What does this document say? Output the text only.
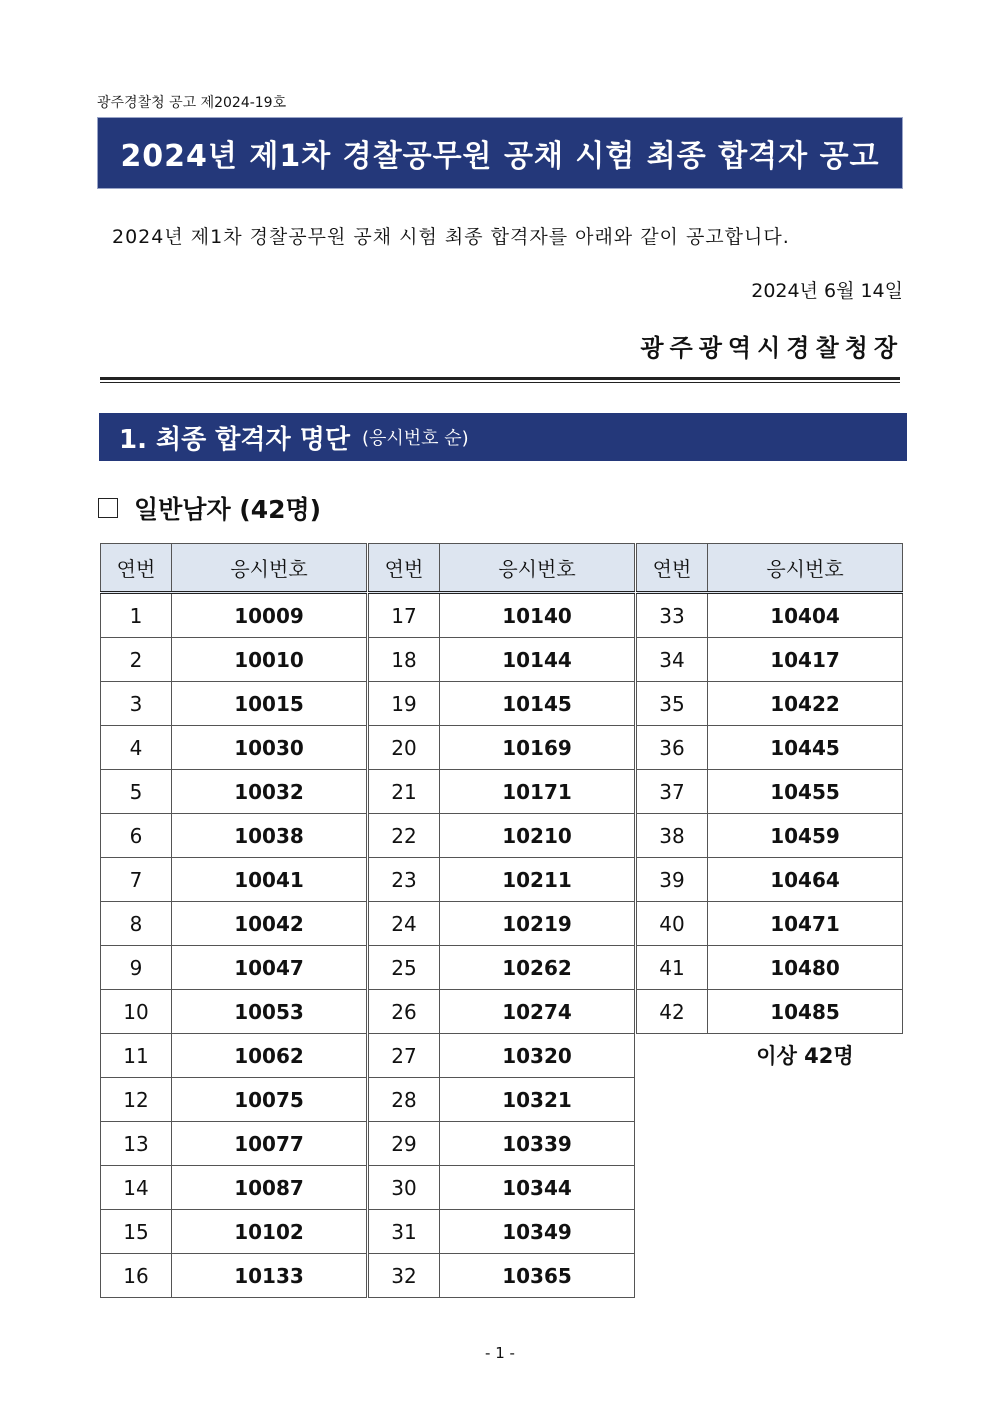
광주경찰청 공고 제2024-19호
2024년 제1차 경찰공무원 공채 시험 최종 합격자 공고
2024년 제1차 경찰공무원 공채 시험 최종 합격자를 아래와 같이 공고합니다.
2024년 6월 14일
광주광역시경찰청장
1. 최종 합격자 명단 (응시번호 순)
일반남자 (42명)
연번	응시번호
1	10009
2	10010
3	10015
4	10030
5	10032
6	10038
7	10041
8	10042
9	10047
10	10053
11	10062
12	10075
13	10077
14	10087
15	10102
16	10133
연번	응시번호
17	10140
18	10144
19	10145
20	10169
21	10171
22	10210
23	10211
24	10219
25	10262
26	10274
27	10320
28	10321
29	10339
30	10344
31	10349
32	10365
연번	응시번호
33	10404
34	10417
35	10422
36	10445
37	10455
38	10459
39	10464
40	10471
41	10480
42	10485
이상 42명
- 1 -
